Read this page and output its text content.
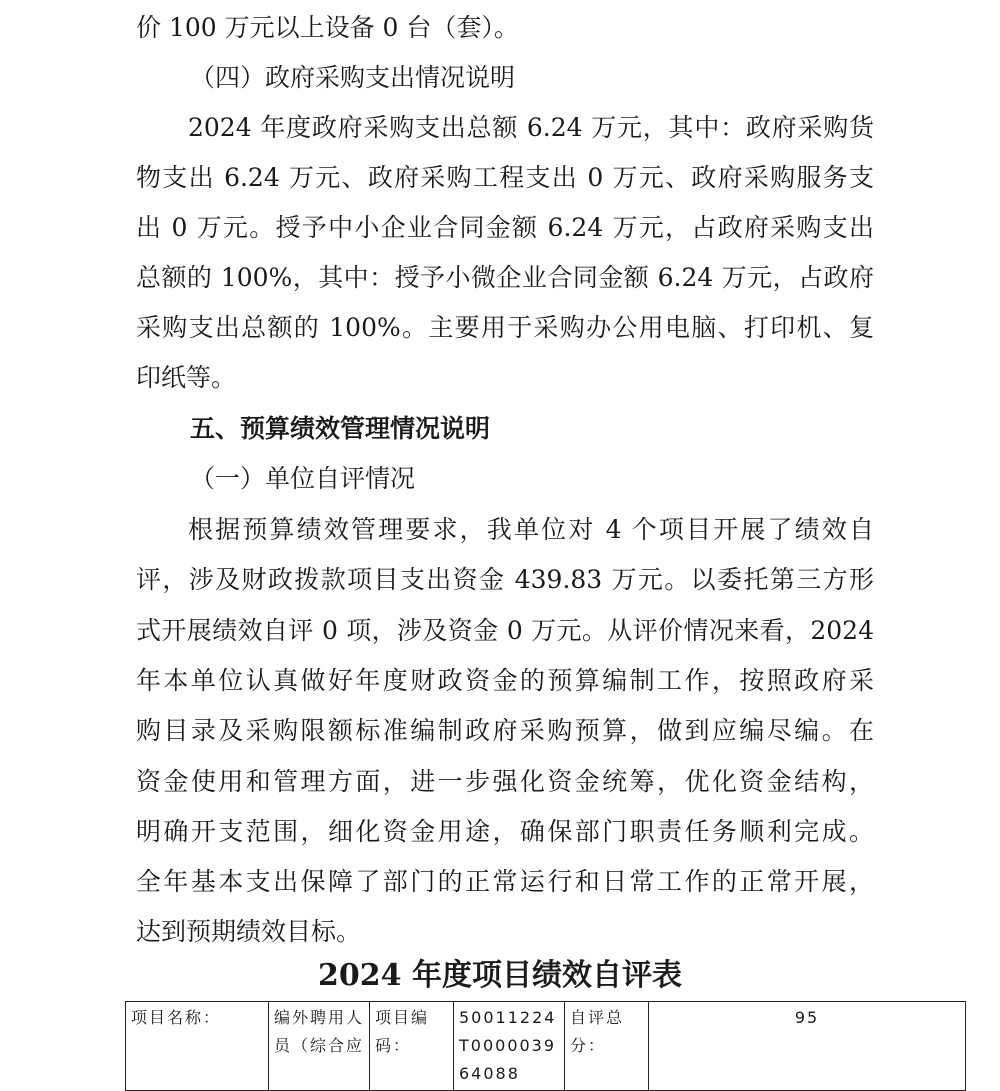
价 100 万元以上设备 0 台（套）。
（四）政府采购支出情况说明
2024 年度政府采购支出总额 6.24 万元，其中：政府采购货
物支出 6.24 万元、政府采购工程支出 0 万元、政府采购服务支
出 0 万元。授予中小企业合同金额 6.24 万元，占政府采购支出
总额的 100%，其中：授予小微企业合同金额 6.24 万元，占政府
采购支出总额的 100%。主要用于采购办公用电脑、打印机、复
印纸等。
五、预算绩效管理情况说明
（一）单位自评情况
根据预算绩效管理要求，我单位对 4 个项目开展了绩效自
评，涉及财政拨款项目支出资金 439.83 万元。以委托第三方形
式开展绩效自评 0 项，涉及资金 0 万元。从评价情况来看，2024
年本单位认真做好年度财政资金的预算编制工作，按照政府采
购目录及采购限额标准编制政府采购预算，做到应编尽编。在
资金使用和管理方面，进一步强化资金统筹，优化资金结构，
明确开支范围，细化资金用途，确保部门职责任务顺利完成。
全年基本支出保障了部门的正常运行和日常工作的正常开展，
达到预期绩效目标。
2024 年度项目绩效自评表
项目名称：	编外聘用人员（综合应	项目编码：	50011224T000003964088	自评总分：	95
